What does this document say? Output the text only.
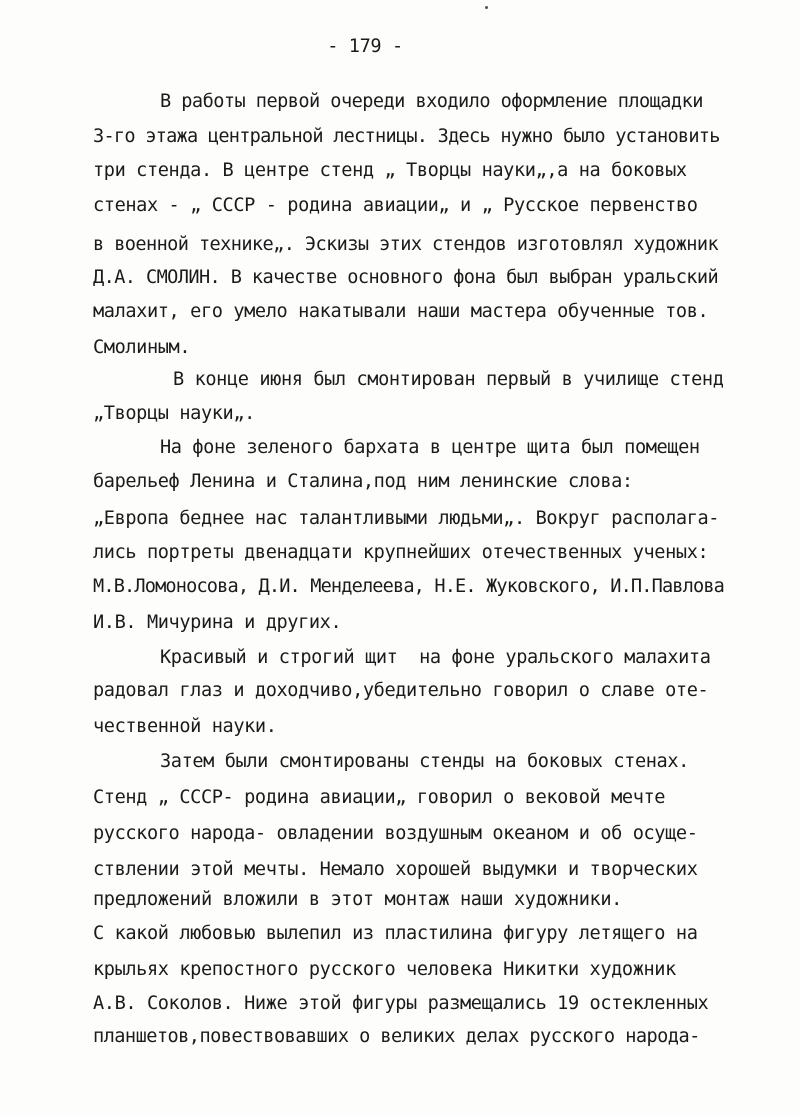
- 179 -
В работы первой очереди входило оформление площадки
3-го этажа центральной лестницы. Здесь нужно было установить
три стенда. В центре стенд „ Творцы науки„,а на боковых
стенах - „ СССР - родина авиации„ и „ Русское первенство
в военной технике„. Эскизы этих стендов изготовлял художник
Д.А. СМОЛИН. В качестве основного фона был выбран уральский
малахит, его умело накатывали наши мастера обученные тов.
Смолиным.
В конце июня был смонтирован первый в училище стенд
„Творцы науки„.
На фоне зеленого бархата в центре щита был помещен
барельеф Ленина и Сталина,под ним ленинские слова:
„Европа беднее нас талантливыми людьми„. Вокруг располага-
лись портреты двенадцати крупнейших отечественных ученых:
М.В.Ломоносова, Д.И. Менделеева, Н.Е. Жуковского, И.П.Павлова
И.В. Мичурина и других.
Красивый и строгий щит  на фоне уральского малахита
радовал глаз и доходчиво,убедительно говорил о славе оте-
чественной науки.
Затем были смонтированы стенды на боковых стенах.
Стенд „ СССР- родина авиации„ говорил о вековой мечте
русского народа- овладении воздушным океаном и об осуще-
ствлении этой мечты. Немало хорошей выдумки и творческих
предложений вложили в этот монтаж наши художники.
С какой любовью вылепил из пластилина фигуру летящего на
крыльях крепостного русского человека Никитки художник
А.В. Соколов. Ниже этой фигуры размещались 19 остекленных
планшетов,повествовавших о великих делах русского народа-
